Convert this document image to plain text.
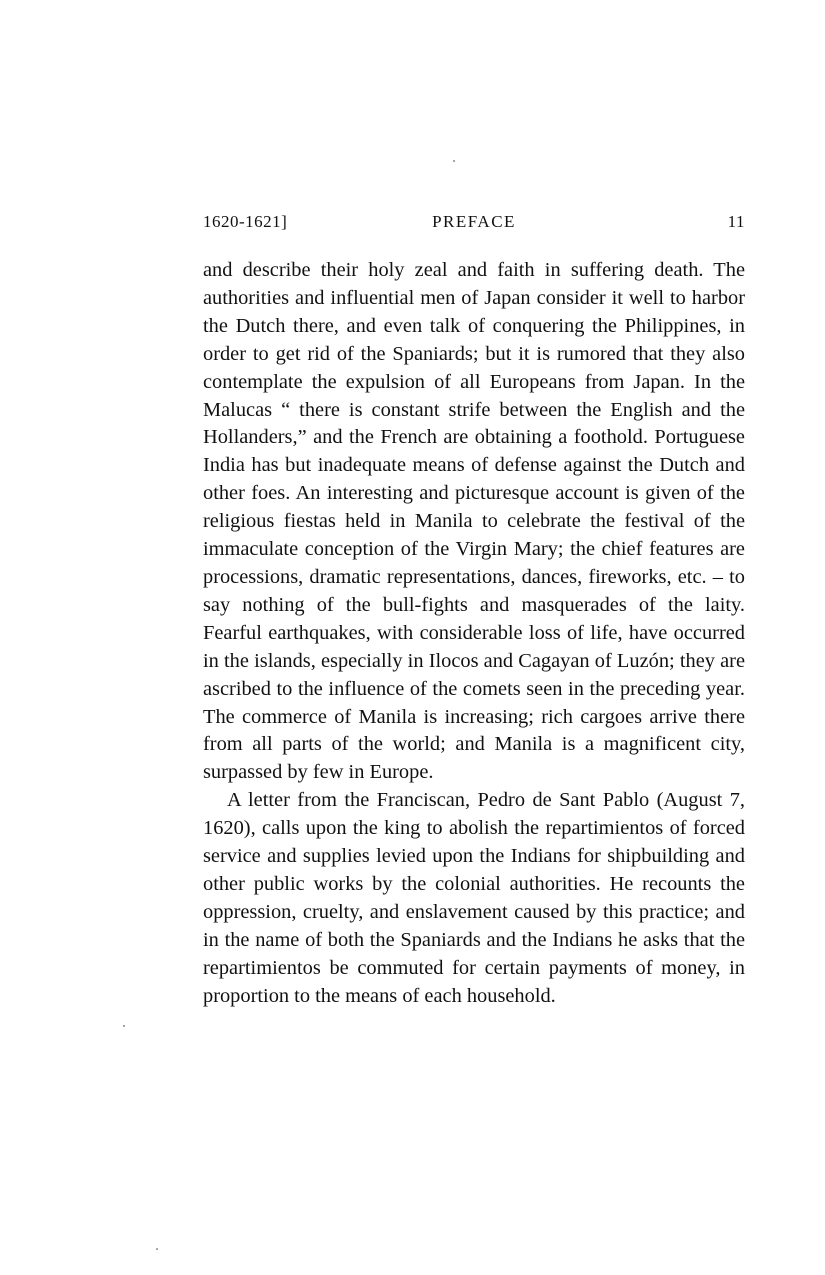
1620-1621]	PREFACE	11

and describe their holy zeal and faith in suffering death. The authorities and influential men of Japan consider it well to harbor the Dutch there, and even talk of conquering the Philippines, in order to get rid of the Spaniards; but it is rumored that they also contemplate the expulsion of all Europeans from Japan. In the Malucas “ there is constant strife between the English and the Hollanders,” and the French are obtaining a foothold. Portuguese India has but inadequate means of defense against the Dutch and other foes. An interesting and picturesque account is given of the religious fiestas held in Manila to celebrate the festival of the immaculate conception of the Virgin Mary; the chief features are processions, dramatic representations, dances, fireworks, etc. – to say nothing of the bull-fights and masquerades of the laity. Fearful earthquakes, with considerable loss of life, have occurred in the islands, especially in Ilocos and Cagayan of Luzón; they are ascribed to the influence of the comets seen in the preceding year. The commerce of Manila is increasing; rich cargoes arrive there from all parts of the world; and Manila is a magnificent city, surpassed by few in Europe.

A letter from the Franciscan, Pedro de Sant Pablo (August 7, 1620), calls upon the king to abolish the repartimientos of forced service and supplies levied upon the Indians for shipbuilding and other public works by the colonial authorities. He recounts the oppression, cruelty, and enslavement caused by this practice; and in the name of both the Spaniards and the Indians he asks that the repartimientos be commuted for certain payments of money, in proportion to the means of each household.
